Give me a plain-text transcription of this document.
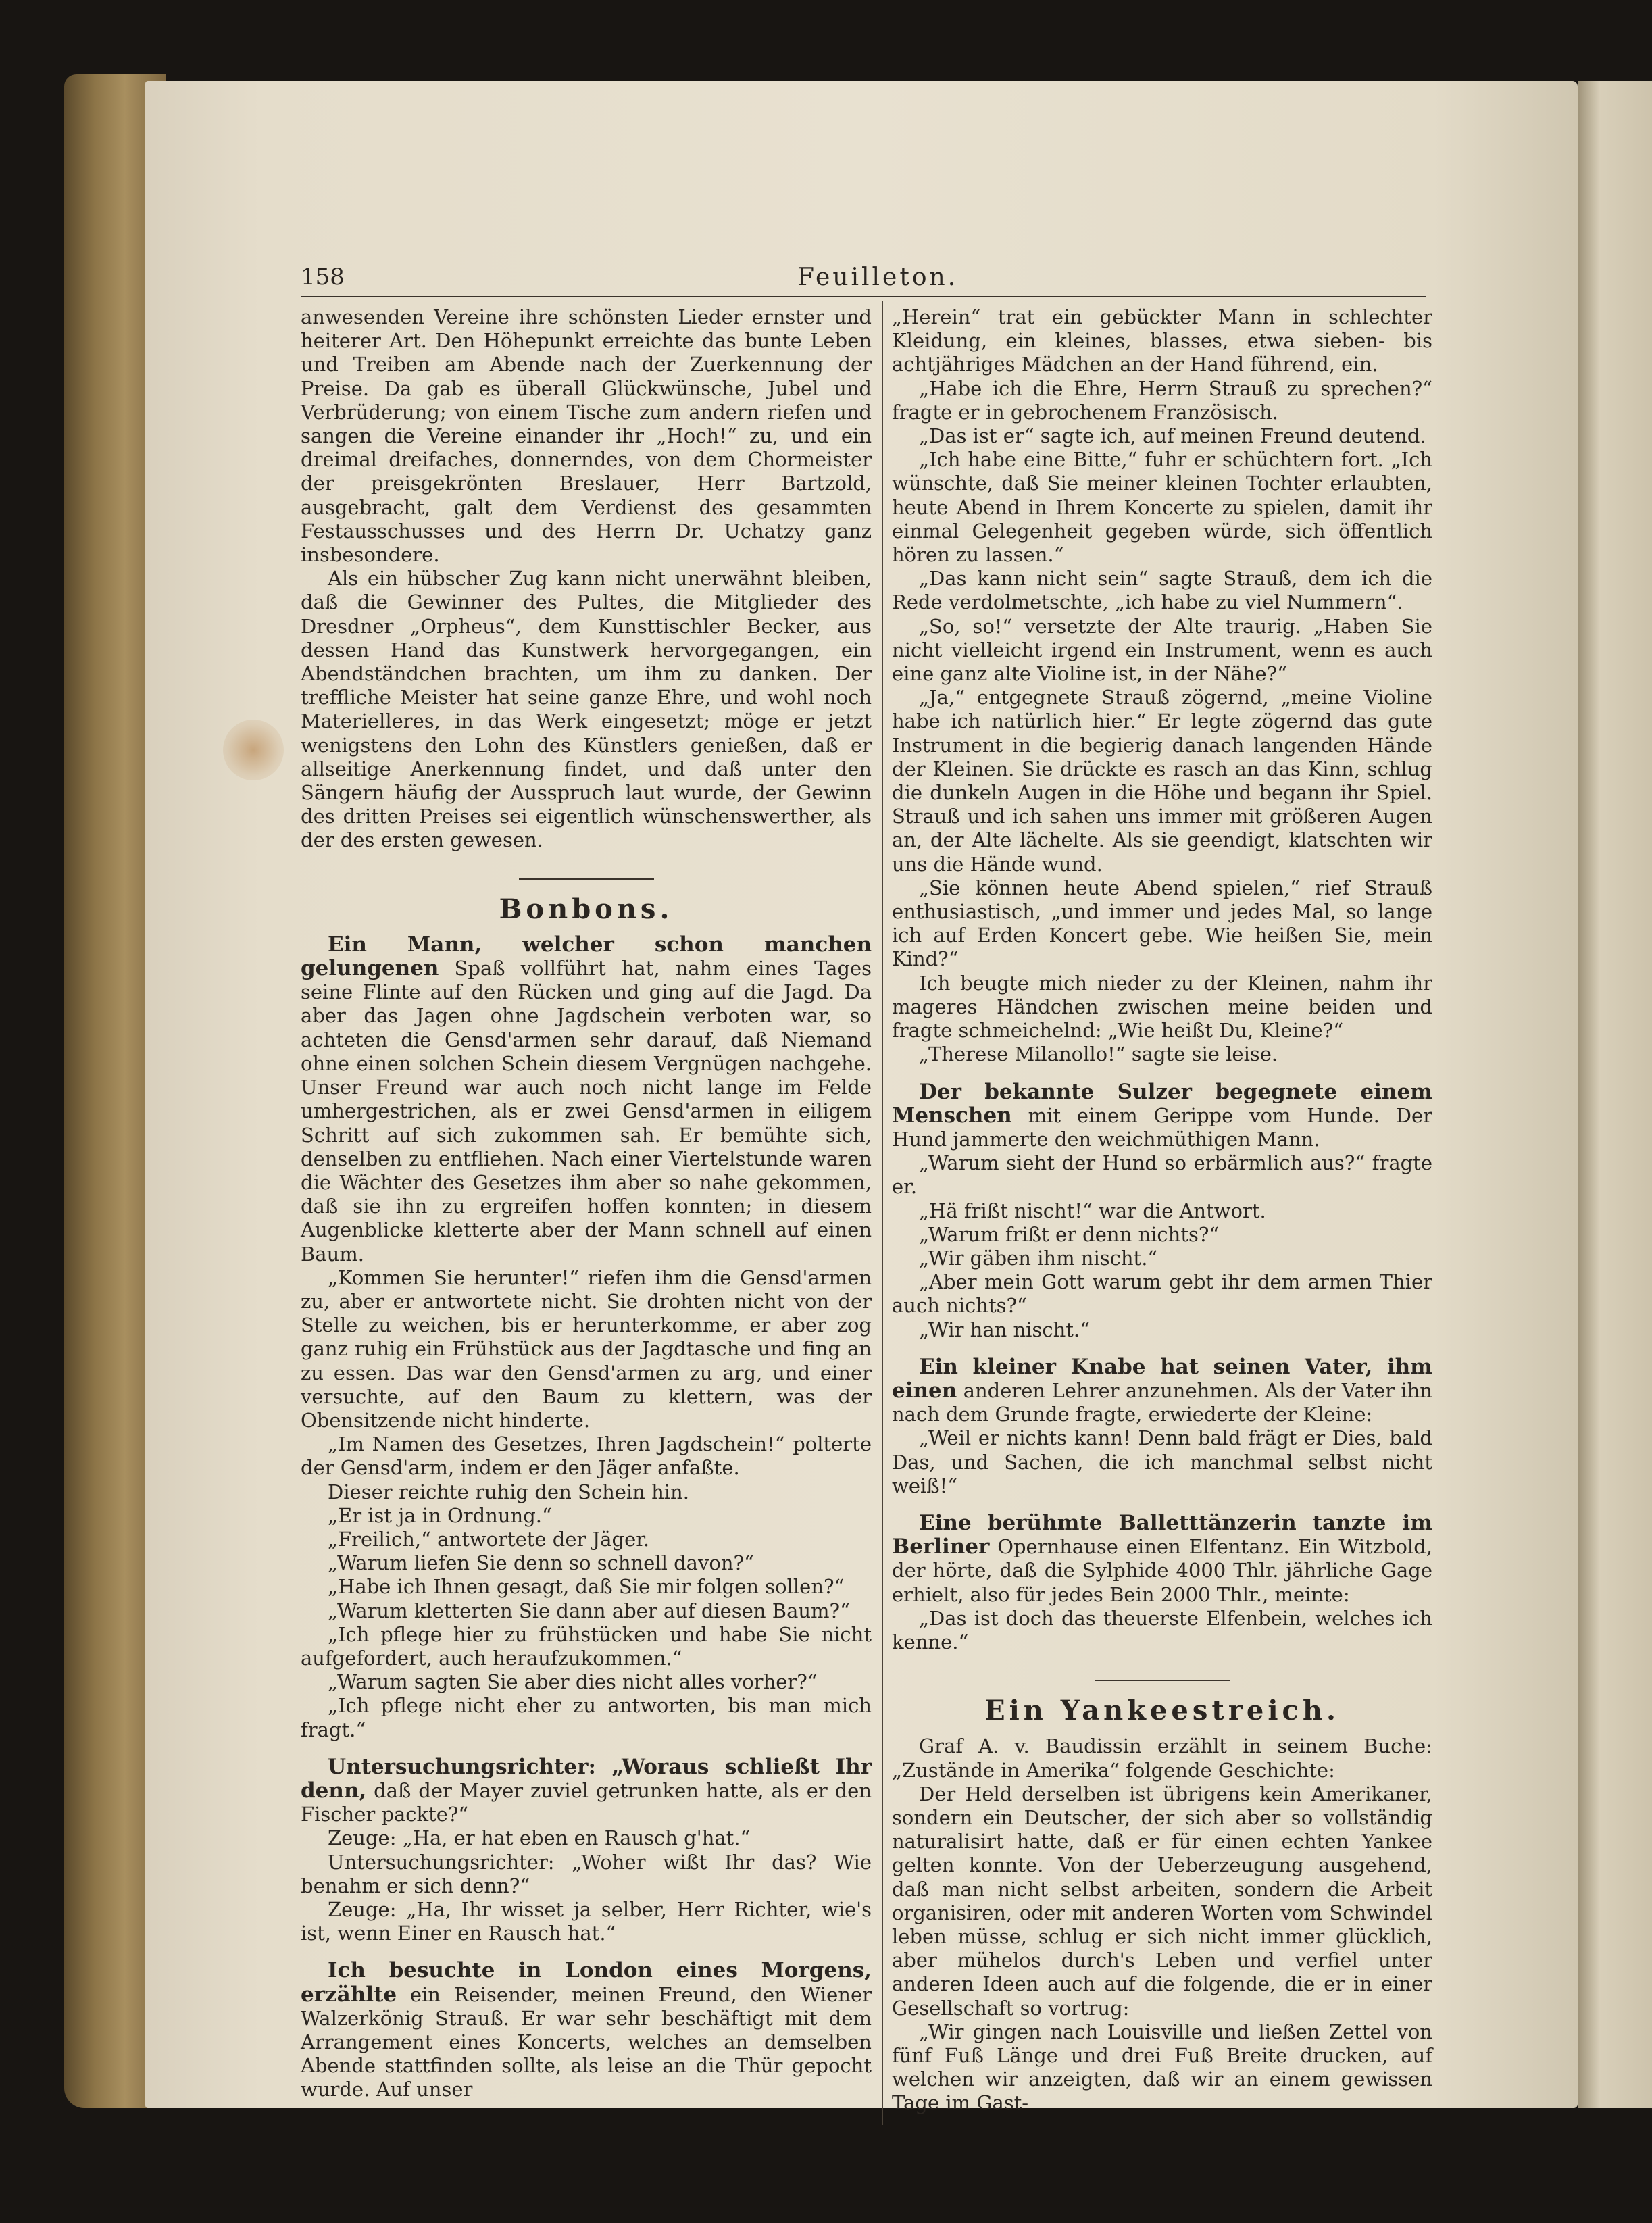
158	Feuilleton.

anwesenden Vereine ihre schönsten Lieder ernster und heiterer Art. Den Höhepunkt erreichte das bunte Leben und Treiben am Abende nach der Zuerkennung der Preise. Da gab es überall Glückwünsche, Jubel und Verbrüderung; von einem Tische zum andern riefen und sangen die Vereine einander ihr „Hoch!“ zu, und ein dreimal dreifaches, donnerndes, von dem Chormeister der preisgekrönten Breslauer, Herr Bartzold, ausgebracht, galt dem Verdienst des gesammten Festausschusses und des Herrn Dr. Uchatzy ganz insbesondere.

Als ein hübscher Zug kann nicht unerwähnt bleiben, daß die Gewinner des Pultes, die Mitglieder des Dresdner „Orpheus“, dem Kunsttischler Becker, aus dessen Hand das Kunstwerk hervorgegangen, ein Abendständchen brachten, um ihm zu danken. Der treffliche Meister hat seine ganze Ehre, und wohl noch Materielleres, in das Werk eingesetzt; möge er jetzt wenigstens den Lohn des Künstlers genießen, daß er allseitige Anerkennung findet, und daß unter den Sängern häufig der Ausspruch laut wurde, der Gewinn des dritten Preises sei eigentlich wünschenswerther, als der des ersten gewesen.

Bonbons.

Ein Mann, welcher schon manchen gelungenen Spaß vollführt hat, nahm eines Tages seine Flinte auf den Rücken und ging auf die Jagd. Da aber das Jagen ohne Jagdschein verboten war, so achteten die Gensd'armen sehr darauf, daß Niemand ohne einen solchen Schein diesem Vergnügen nachgehe. Unser Freund war auch noch nicht lange im Felde umhergestrichen, als er zwei Gensd'armen in eiligem Schritt auf sich zukommen sah. Er bemühte sich, denselben zu entfliehen. Nach einer Viertelstunde waren die Wächter des Gesetzes ihm aber so nahe gekommen, daß sie ihn zu ergreifen hoffen konnten; in diesem Augenblicke kletterte aber der Mann schnell auf einen Baum.

„Kommen Sie herunter!“ riefen ihm die Gensd'armen zu, aber er antwortete nicht. Sie drohten nicht von der Stelle zu weichen, bis er herunterkomme, er aber zog ganz ruhig ein Frühstück aus der Jagdtasche und fing an zu essen. Das war den Gensd'armen zu arg, und einer versuchte, auf den Baum zu klettern, was der Obensitzende nicht hinderte.

„Im Namen des Gesetzes, Ihren Jagdschein!“ polterte der Gensd'arm, indem er den Jäger anfaßte.

Dieser reichte ruhig den Schein hin.

„Er ist ja in Ordnung.“

„Freilich,“ antwortete der Jäger.

„Warum liefen Sie denn so schnell davon?“

„Habe ich Ihnen gesagt, daß Sie mir folgen sollen?“

„Warum kletterten Sie dann aber auf diesen Baum?“

„Ich pflege hier zu frühstücken und habe Sie nicht aufgefordert, auch heraufzukommen.“

„Warum sagten Sie aber dies nicht alles vorher?“

„Ich pflege nicht eher zu antworten, bis man mich fragt.“

Untersuchungsrichter: „Woraus schließt Ihr denn, daß der Mayer zuviel getrunken hatte, als er den Fischer packte?“

Zeuge: „Ha, er hat eben en Rausch g'hat.“

Untersuchungsrichter: „Woher wißt Ihr das? Wie benahm er sich denn?“

Zeuge: „Ha, Ihr wisset ja selber, Herr Richter, wie's ist, wenn Einer en Rausch hat.“

Ich besuchte in London eines Morgens, erzählte ein Reisender, meinen Freund, den Wiener Walzerkönig Strauß. Er war sehr beschäftigt mit dem Arrangement eines Koncerts, welches an demselben Abende stattfinden sollte, als leise an die Thür gepocht wurde. Auf unser

„Herein“ trat ein gebückter Mann in schlechter Kleidung, ein kleines, blasses, etwa sieben- bis achtjähriges Mädchen an der Hand führend, ein.

„Habe ich die Ehre, Herrn Strauß zu sprechen?“ fragte er in gebrochenem Französisch.

„Das ist er“ sagte ich, auf meinen Freund deutend.

„Ich habe eine Bitte,“ fuhr er schüchtern fort. „Ich wünschte, daß Sie meiner kleinen Tochter erlaubten, heute Abend in Ihrem Koncerte zu spielen, damit ihr einmal Gelegenheit gegeben würde, sich öffentlich hören zu lassen.“

„Das kann nicht sein“ sagte Strauß, dem ich die Rede verdolmetschte, „ich habe zu viel Nummern“.

„So, so!“ versetzte der Alte traurig. „Haben Sie nicht vielleicht irgend ein Instrument, wenn es auch eine ganz alte Violine ist, in der Nähe?“

„Ja,“ entgegnete Strauß zögernd, „meine Violine habe ich natürlich hier.“ Er legte zögernd das gute Instrument in die begierig danach langenden Hände der Kleinen. Sie drückte es rasch an das Kinn, schlug die dunkeln Augen in die Höhe und begann ihr Spiel. Strauß und ich sahen uns immer mit größeren Augen an, der Alte lächelte. Als sie geendigt, klatschten wir uns die Hände wund.

„Sie können heute Abend spielen,“ rief Strauß enthusiastisch, „und immer und jedes Mal, so lange ich auf Erden Koncert gebe. Wie heißen Sie, mein Kind?“

Ich beugte mich nieder zu der Kleinen, nahm ihr mageres Händchen zwischen meine beiden und fragte schmeichelnd: „Wie heißt Du, Kleine?“

„Therese Milanollo!“ sagte sie leise.

Der bekannte Sulzer begegnete einem Menschen mit einem Gerippe vom Hunde. Der Hund jammerte den weichmüthigen Mann.

„Warum sieht der Hund so erbärmlich aus?“ fragte er.

„Hä frißt nischt!“ war die Antwort.

„Warum frißt er denn nichts?“

„Wir gäben ihm nischt.“

„Aber mein Gott warum gebt ihr dem armen Thier auch nichts?“

„Wir han nischt.“

Ein kleiner Knabe hat seinen Vater, ihm einen anderen Lehrer anzunehmen. Als der Vater ihn nach dem Grunde fragte, erwiederte der Kleine:

„Weil er nichts kann! Denn bald frägt er Dies, bald Das, und Sachen, die ich manchmal selbst nicht weiß!“

Eine berühmte Balletttänzerin tanzte im Berliner Opernhause einen Elfentanz. Ein Witzbold, der hörte, daß die Sylphide 4000 Thlr. jährliche Gage erhielt, also für jedes Bein 2000 Thlr., meinte:

„Das ist doch das theuerste Elfenbein, welches ich kenne.“

Ein Yankeestreich.

Graf A. v. Baudissin erzählt in seinem Buche: „Zustände in Amerika“ folgende Geschichte:

Der Held derselben ist übrigens kein Amerikaner, sondern ein Deutscher, der sich aber so vollständig naturalisirt hatte, daß er für einen echten Yankee gelten konnte. Von der Ueberzeugung ausgehend, daß man nicht selbst arbeiten, sondern die Arbeit organisiren, oder mit anderen Worten vom Schwindel leben müsse, schlug er sich nicht immer glücklich, aber mühelos durch's Leben und verfiel unter anderen Ideen auch auf die folgende, die er in einer Gesellschaft so vortrug:

„Wir gingen nach Louisville und ließen Zettel von fünf Fuß Länge und drei Fuß Breite drucken, auf welchen wir anzeigten, daß wir an einem gewissen Tage im Gast-
